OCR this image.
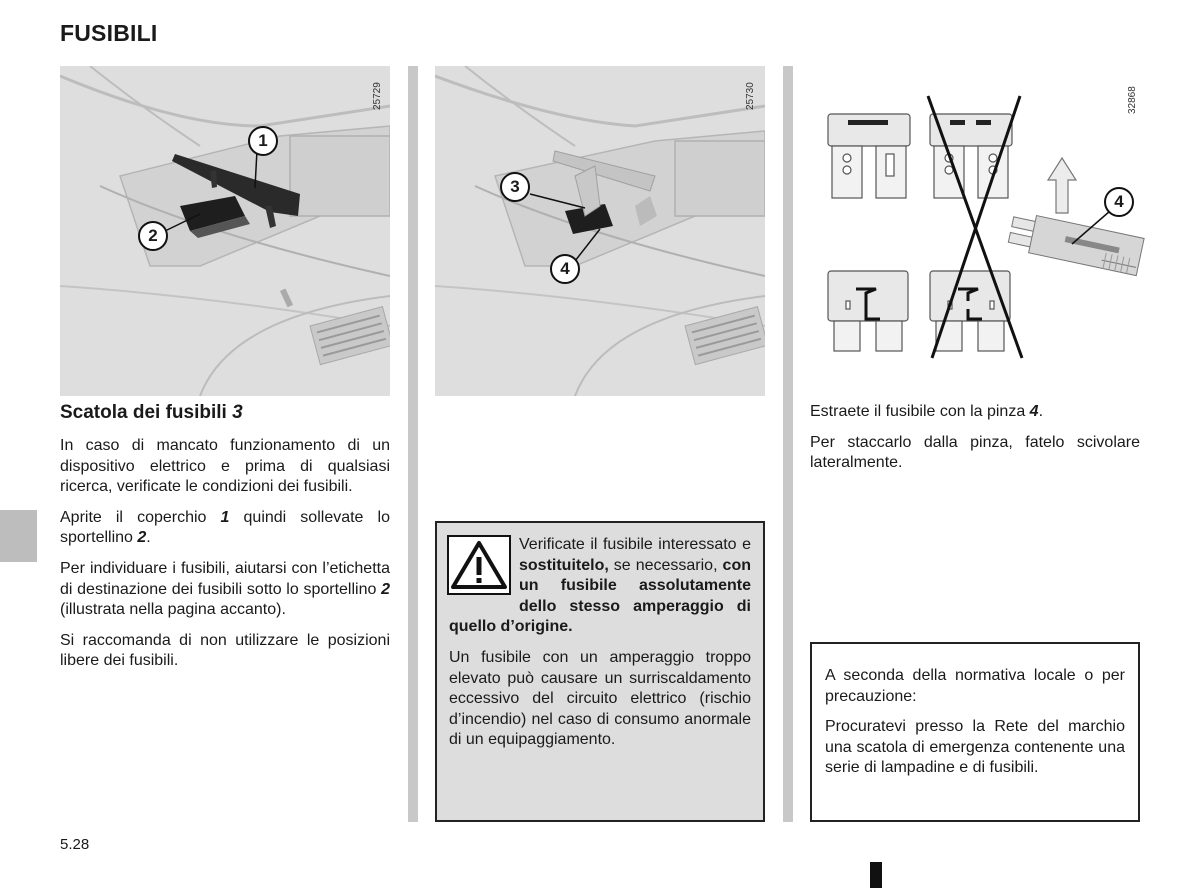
FUSIBILI
1
2
25729
3
4
25730
4
32868
Scatola dei fusibili 3

In caso di mancato funzionamento di un dispositivo elettrico e prima di qualsiasi ricerca, verificate le condizioni dei fusibili.

Aprite il coperchio 1 quindi sollevate lo sportellino 2.

Per individuare i fusibili, aiutarsi con l’etichetta di destinazione dei fusibili sotto lo sportellino 2 (illustrata nella pagina accanto).

Si raccomanda di non utilizzare le posizioni libere dei fusibili.

Verificate il fusibile interessato e sostituitelo, se necessario, con un fusibile assolutamente dello stesso amperaggio di quello d’origine.

Un fusibile con un amperaggio troppo elevato può causare un surriscaldamento eccessivo del circuito elettrico (rischio d’incendio) nel caso di consumo anormale di un equipaggiamento.

Estraete il fusibile con la pinza 4.

Per staccarlo dalla pinza, fatelo scivolare lateralmente.

A seconda della normativa locale o per precauzione:

Procuratevi presso la Rete del marchio una scatola di emergenza contenente una serie di lampadine e di fusibili.

5.28
